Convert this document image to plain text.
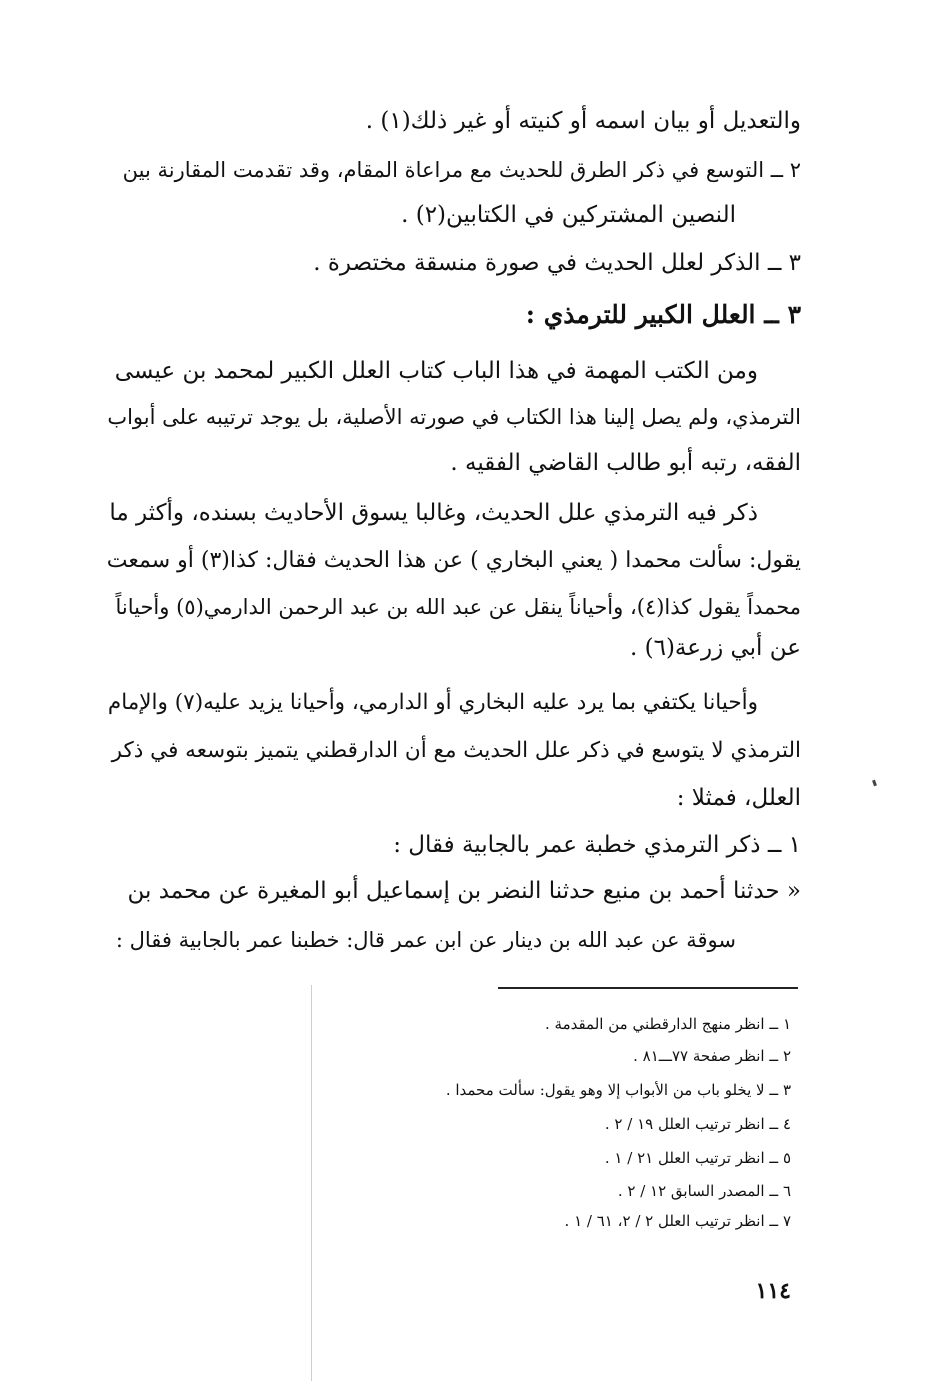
والتعديل أو بيان اسمه أو كنيته أو غير ذلك(١) .

٢ ــ التوسع في ذكر الطرق للحديث مع مراعاة المقام، وقد تقدمت المقارنة بين

النصين المشتركين في الكتابين(٢) .

٣ ــ الذكر لعلل الحديث في صورة منسقة مختصرة .

٣ ــ العلل الكبير للترمذي :

ومن الكتب المهمة في هذا الباب كتاب العلل الكبير لمحمد بن عيسى

الترمذي، ولم يصل إلينا هذا الكتاب في صورته الأصلية، بل يوجد ترتيبه على أبواب

الفقه، رتبه أبو طالب القاضي الفقيه .

ذكر فيه الترمذي علل الحديث، وغالبا يسوق الأحاديث بسنده، وأكثر ما

يقول: سألت محمدا ( يعني البخاري ) عن هذا الحديث فقال: كذا(٣) أو سمعت

محمداً يقول كذا(٤)، وأحياناً ينقل عن عبد الله بن عبد الرحمن الدارمي(٥) وأحياناً

عن أبي زرعة(٦) .

وأحيانا يكتفي بما يرد عليه البخاري أو الدارمي، وأحيانا يزيد عليه(٧) والإمام

الترمذي لا يتوسع في ذكر علل الحديث مع أن الدارقطني يتميز بتوسعه في ذكر

العلل، فمثلا :

١ ــ ذكر الترمذي خطبة عمر بالجابية فقال :

« حدثنا أحمد بن منيع حدثنا النضر بن إسماعيل أبو المغيرة عن محمد بن

سوقة عن عبد الله بن دينار عن ابن عمر قال: خطبنا عمر بالجابية فقال :

١ ــ انظر منهج الدارقطني من المقدمة .

٢ ــ انظر صفحة ٧٧ـــ٨١ .

٣ ــ لا يخلو باب من الأبواب إلا وهو يقول: سألت محمدا .

٤ ــ انظر ترتيب العلل ١٩ / ٢ .

٥ ــ انظر ترتيب العلل ٢١ / ١ .

٦ ــ المصدر السابق ١٢ / ٢ .

٧ ــ انظر ترتيب العلل ٢ / ٢، ٦١ / ١ .

١١٤
